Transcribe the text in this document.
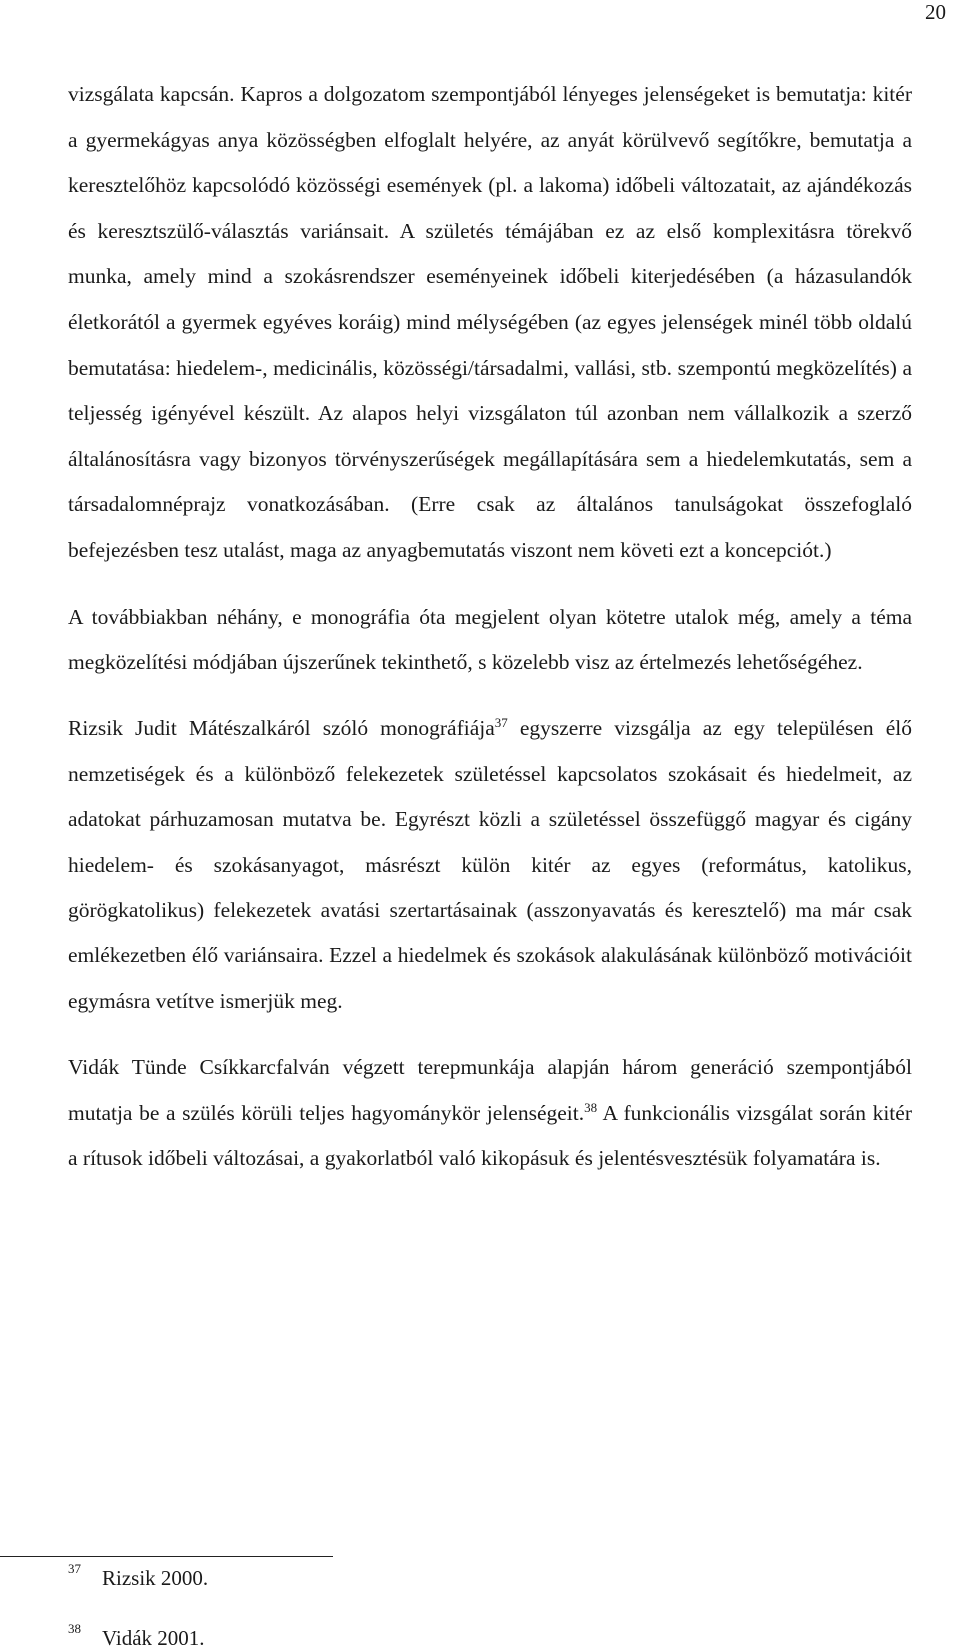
20

vizsgálata kapcsán. Kapros a dolgozatom szempontjából lényeges jelenségeket is bemutatja: kitér a gyermekágyas anya közösségben elfoglalt helyére, az anyát körülvevő segítőkre, bemutatja a keresztelőhöz kapcsolódó közösségi események (pl. a lakoma) időbeli változatait, az ajándékozás és keresztszülő-választás variánsait. A születés témájában ez az első komplexitásra törekvő munka, amely mind a szokásrendszer eseményeinek időbeli kiterjedésében (a házasulandók életkorától a gyermek egyéves koráig) mind mélységében (az egyes jelenségek minél több oldalú bemutatása: hiedelem-, medicinális, közösségi/társadalmi, vallási, stb. szempontú megközelítés) a teljesség igényével készült. Az alapos helyi vizsgálaton túl azonban nem vállalkozik a szerző általánosításra vagy bizonyos törvényszerűségek megállapítására sem a hiedelemkutatás, sem a társadalomnéprajz vonatkozásában. (Erre csak az általános tanulságokat összefoglaló befejezésben tesz utalást, maga az anyagbemutatás viszont nem követi ezt a koncepciót.)

A továbbiakban néhány, e monográfia óta megjelent olyan kötetre utalok még, amely a téma megközelítési módjában újszerűnek tekinthető, s közelebb visz az értelmezés lehetőségéhez.

Rizsik Judit Mátészalkáról szóló monográfiája$^{37}$ egyszerre vizsgálja az egy településen élő nemzetiségek és a különböző felekezetek születéssel kapcsolatos szokásait és hiedelmeit, az adatokat párhuzamosan mutatva be. Egyrészt közli a születéssel összefüggő magyar és cigány hiedelem- és szokásanyagot, másrészt külön kitér az egyes (református, katolikus, görögkatolikus) felekezetek avatási szertartásainak (asszonyavatás és keresztelő) ma már csak emlékezetben élő variánsaira. Ezzel a hiedelmek és szokások alakulásának különböző motivációit egymásra vetítve ismerjük meg.

Vidák Tünde Csíkkarcfalván végzett terepmunkája alapján három generáció szempontjából mutatja be a szülés körüli teljes hagyománykör jelenségeit.$^{38}$ A funkcionális vizsgálat során kitér a rítusok időbeli változásai, a gyakorlatból való kikopásuk és jelentésvesztésük folyamatára is.

37 Rizsik 2000.
38 Vidák 2001.
